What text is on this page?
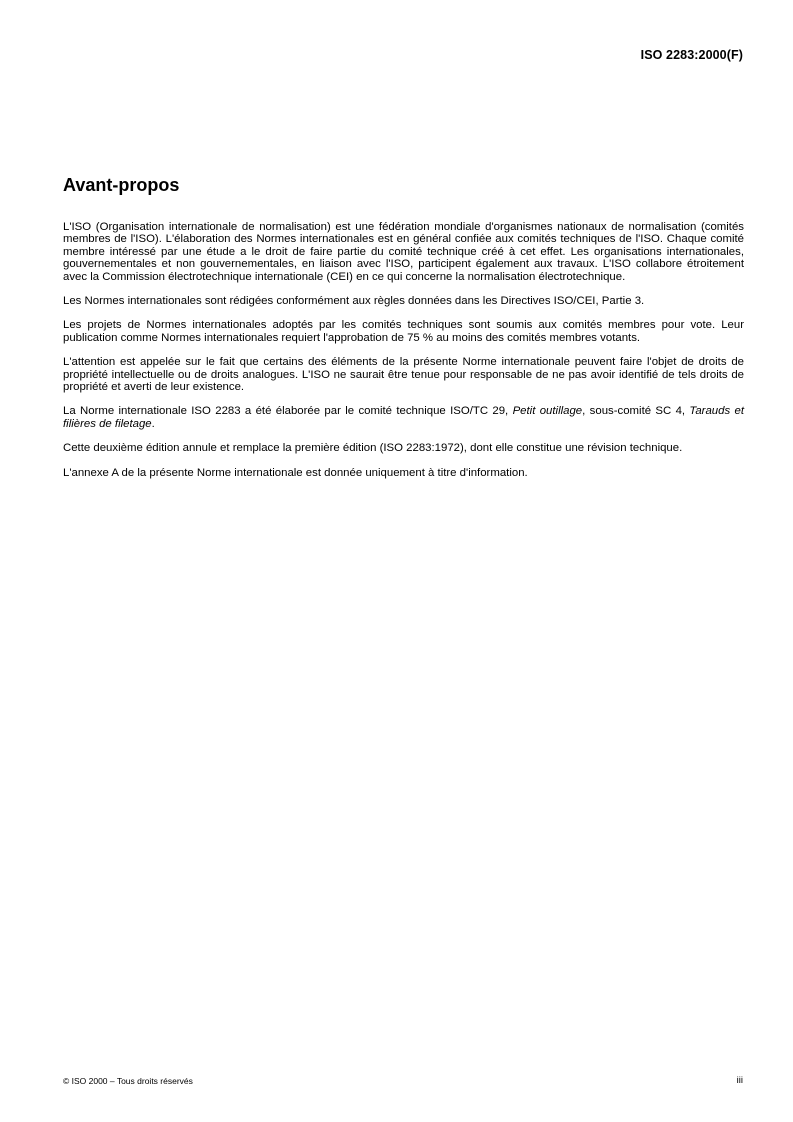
ISO 2283:2000(F)
Avant-propos

L'ISO (Organisation internationale de normalisation) est une fédération mondiale d'organismes nationaux de normalisation (comités membres de l'ISO). L'élaboration des Normes internationales est en général confiée aux comités techniques de l'ISO. Chaque comité membre intéressé par une étude a le droit de faire partie du comité technique créé à cet effet. Les organisations internationales, gouvernementales et non gouvernementales, en liaison avec l'ISO, participent également aux travaux. L'ISO collabore étroitement avec la Commission électrotechnique internationale (CEI) en ce qui concerne la normalisation électrotechnique.

Les Normes internationales sont rédigées conformément aux règles données dans les Directives ISO/CEI, Partie 3.

Les projets de Normes internationales adoptés par les comités techniques sont soumis aux comités membres pour vote. Leur publication comme Normes internationales requiert l'approbation de 75 % au moins des comités membres votants.

L'attention est appelée sur le fait que certains des éléments de la présente Norme internationale peuvent faire l'objet de droits de propriété intellectuelle ou de droits analogues. L'ISO ne saurait être tenue pour responsable de ne pas avoir identifié de tels droits de propriété et averti de leur existence.

La Norme internationale ISO 2283 a été élaborée par le comité technique ISO/TC 29, Petit outillage, sous-comité SC 4, Tarauds et filières de filetage.

Cette deuxième édition annule et remplace la première édition (ISO 2283:1972), dont elle constitue une révision technique.

L'annexe A de la présente Norme internationale est donnée uniquement à titre d'information.

© ISO 2000 – Tous droits réservés	iii
